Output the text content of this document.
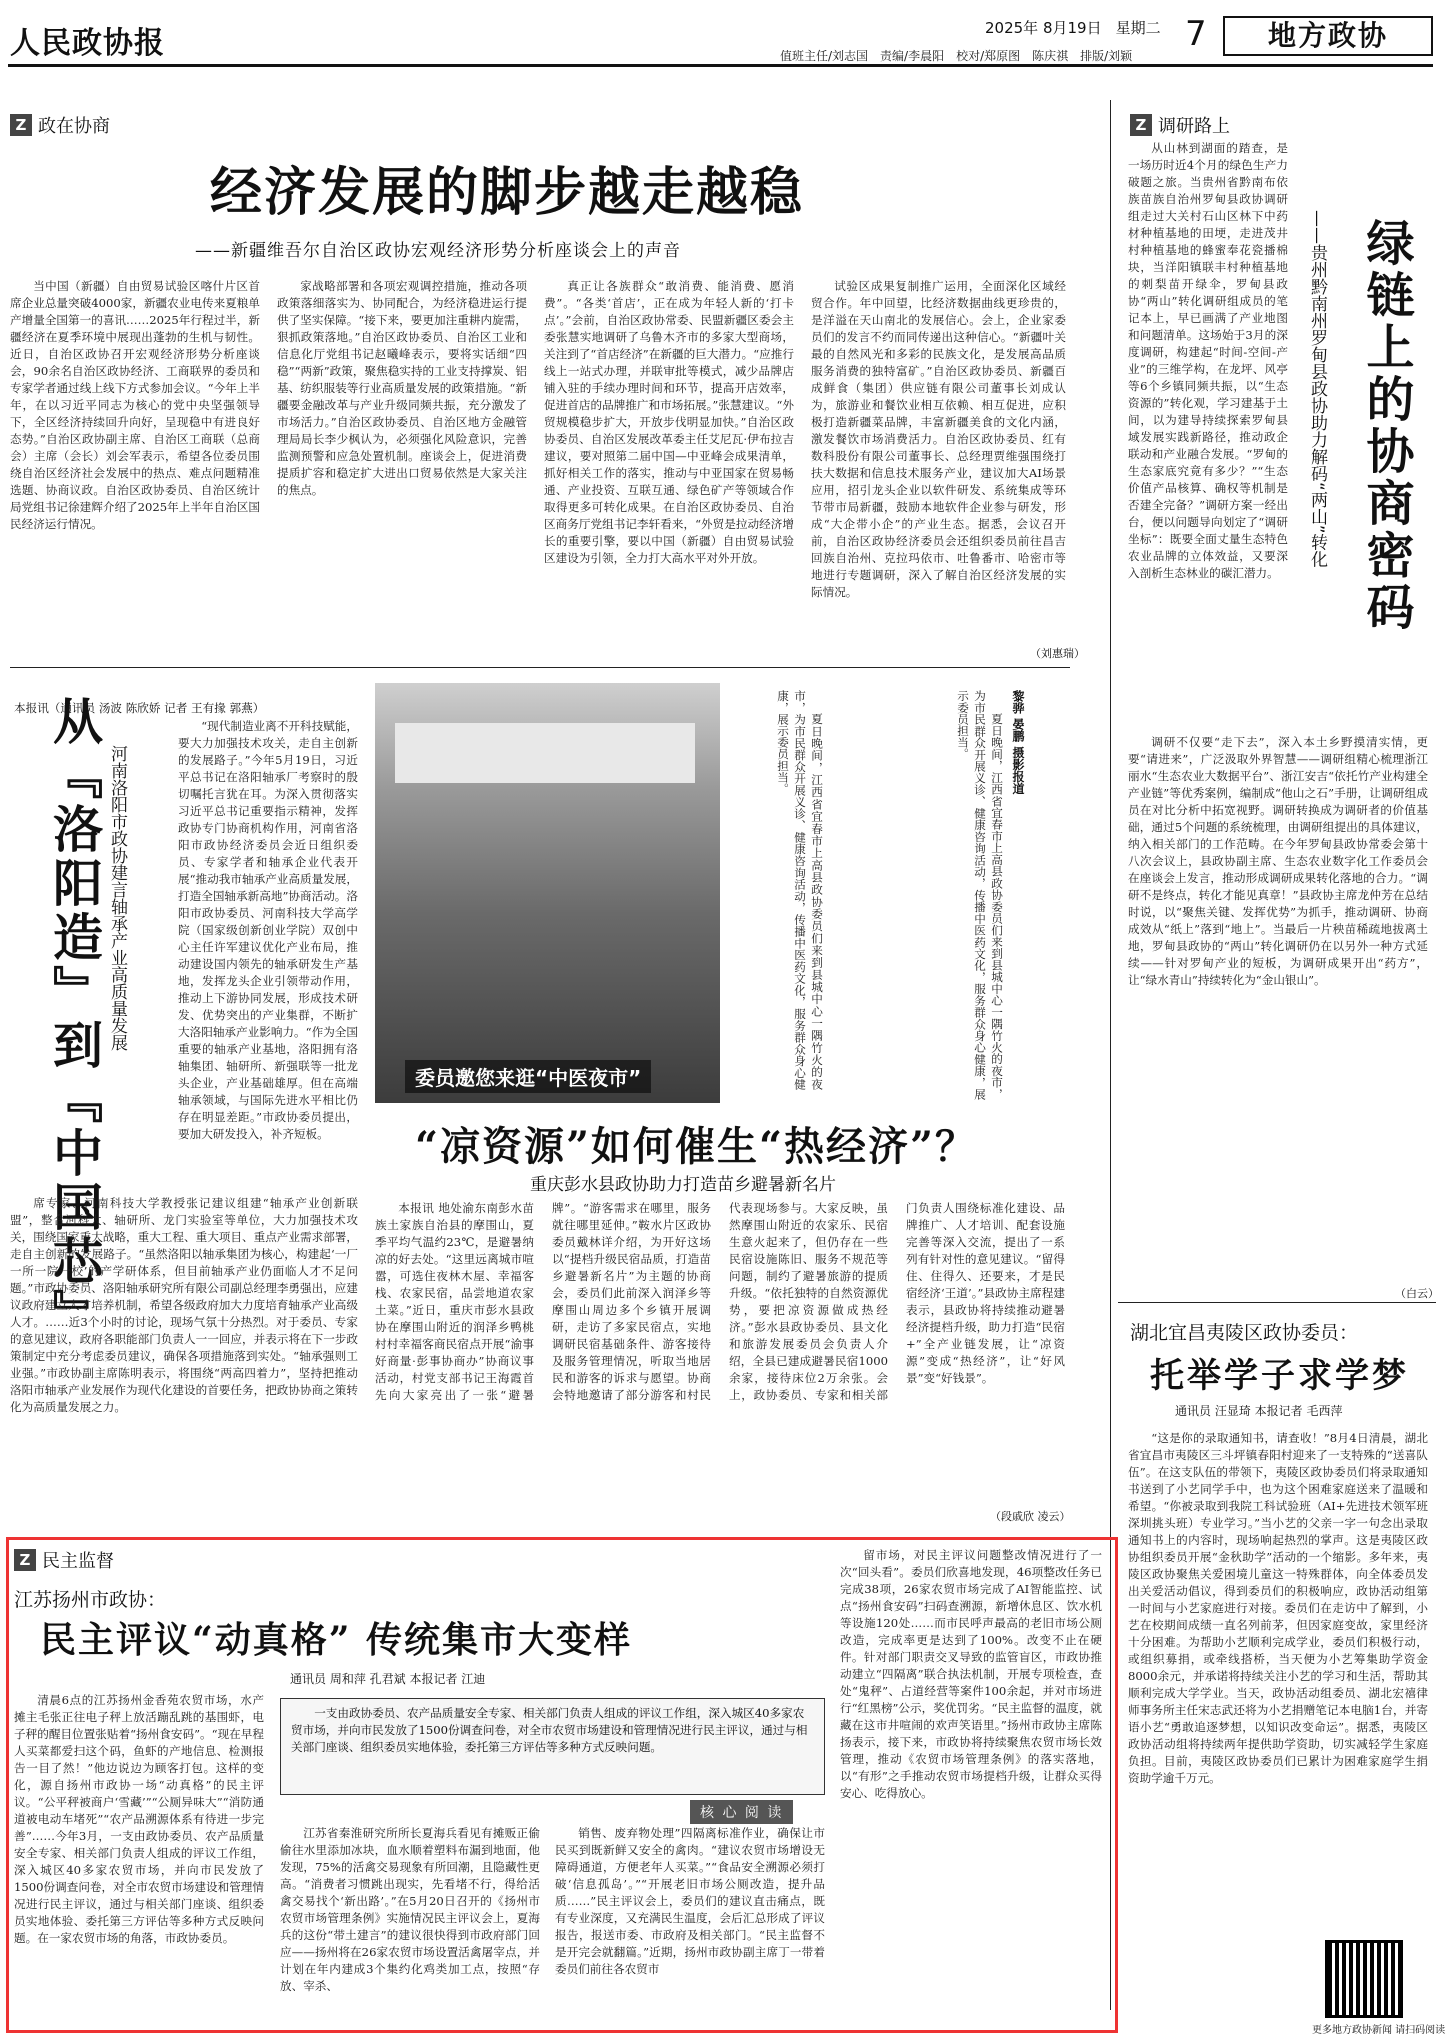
人民政协报	2025年 8月19日 星期二
值班主任/刘志国　责编/李晨阳　校对/郑原图　陈庆祺　排版/刘颖
7	地方政协
Z 政在协商
经济发展的脚步越走越稳
——新疆维吾尔自治区政协宏观经济形势分析座谈会上的声音

当中国（新疆）自由贸易试验区喀什片区首席企业总量突破4000家，新疆农业电传来夏粮单产增量全国第一的喜讯……2025年行程过半，新疆经济在夏季环境中展现出蓬勃的生机与韧性。近日，自治区政协召开宏观经济形势分析座谈会，90余名自治区政协经济、工商联界的委员和专家学者通过线上线下方式参加会议。“今年上半年，在以习近平同志为核心的党中央坚强领导下，全区经济持续回升向好，呈现稳中有进良好态势。”自治区政协副主席、自治区工商联（总商会）主席（会长）刘会军表示，希望各位委员围绕自治区经济社会发展中的热点、难点问题精准选题、协商议政。自治区政协委员、自治区统计局党组书记徐建辉介绍了2025年上半年自治区国民经济运行情况。

家战略部署和各项宏观调控措施，推动各项政策落细落实为、协同配合，为经济稳进运行提供了坚实保障。“接下来，要更加注重耕内旋需，狠抓政策落地。”自治区政协委员、自治区工业和信息化厅党组书记赵曦峰表示，要将实话细“四稳”“两新”政策，聚焦稳实持的工业支持撑炭、铝基、纺织服装等行业高质量发展的政策措施。“新疆要金融改革与产业升级同频共振，充分激发了市场活力。”自治区政协委员、自治区地方金融管理局局长李少枫认为，必须强化风险意识，完善监测预警和应急处置机制。座谈会上，促进消费提质扩容和稳定扩大进出口贸易依然是大家关注的焦点。

真正让各族群众“敢消费、能消费、愿消费”。“各类‘首店’，正在成为年轻人新的‘打卡点’。”会前，自治区政协常委、民盟新疆区委会主委张慧实地调研了乌鲁木齐市的多家大型商场，关注到了“首店经济”在新疆的巨大潜力。“应推行线上一站式办理，并联审批等模式，减少品牌店铺入驻的手续办理时间和环节，提高开店效率，促进首店的品牌推广和市场拓展。”张慧建议。“外贸规模稳步扩大，开放步伐明显加快。”自治区政协委员、自治区发展改革委主任艾尼瓦·伊布拉吉建议，要对照第二届中国—中亚峰会成果清单，抓好相关工作的落实，推动与中亚国家在贸易畅通、产业投资、互联互通、绿色矿产等领域合作取得更多可转化成果。在自治区政协委员、自治区商务厅党组书记李轩看来，“外贸是拉动经济增长的重要引擎，要以中国（新疆）自由贸易试验区建设为引领，全力打大高水平对外开放。

试验区成果复制推广运用，全面深化区域经贸合作。年中回望，比经济数据曲线更珍贵的，是洋溢在天山南北的发展信心。会上，企业家委员们的发言不约而同传递出这种信心。“新疆叶关最的自然风光和多彩的民族文化，是发展高品质服务消费的独特富矿。”自治区政协委员、新疆百成鲜食（集团）供应链有限公司董事长刘成认为，旅游业和餐饮业相互依赖、相互促进，应积极打造新疆菜品牌，丰富新疆美食的文化内涵，激发餐饮市场消费活力。自治区政协委员、红有数科股份有限公司董事长、总经理贾维强围绕打扶大数据和信息技术服务产业，建议加大AI场景应用，招引龙头企业以软件研发、系统集成等环节带市局新疆，鼓励本地软件企业参与研发，形成“大企带小企”的产业生态。据悉，会议召开前，自治区政协经济委员会还组织委员前往昌吉回族自治州、克拉玛依市、吐鲁番市、哈密市等地进行专题调研，深入了解自治区经济发展的实际情况。

（刘惠瑞）
Z 调研路上
绿链上的协商密码
——贵州黔南州罗甸县政协助力解码“两山”转化

从山林到湖面的踏查，是一场历时近4个月的绿色生产力破题之旅。当贵州省黔南布依族苗族自治州罗甸县政协调研组走过大关村石山区林下中药材种植基地的田埂，走进茂井村种植基地的蜂蜜奉花瓷播棉块，当洋阳镇联丰村种植基地的刺梨苗开绿伞，罗甸县政协“两山”转化调研组成员的笔记本上，早已画满了产业地图和问题清单。这场始于3月的深度调研，构建起“时间-空间-产业”的三维学构，在龙坪、风亭等6个乡镇同频共振，以“生态资源的”转化观，学习建基于土间，以为建导持续探索罗甸县域发展实践新路径，推动政企联动和产业融合发展。“罗甸的生态家底究竟有多少？”“生态价值产品核算、确权等机制是否建全完备？”调研方案一经出台，便以问题导向划定了“调研坐标”：既要全面丈量生态特色农业品牌的立体效益，又要深入剖析生态林业的碳汇潜力。

调研不仅要“走下去”，深入本土乡野摸清实情，更要“请进来”，广泛汲取外界智慧——调研组精心梳理浙江丽水“生态农业大数据平台”、浙江安吉“依托竹产业构建全产业链”等优秀案例，编制成“他山之石”手册，让调研组成员在对比分析中拓宽视野。调研转换成为调研者的价值基础，通过5个问题的系统梳理，由调研组提出的具体建议，纳入相关部门的工作范畴。在今年罗甸县政协常委会第十八次会议上，县政协副主席、生态农业数字化工作委员会在座谈会上发言，推动形成调研成果转化落地的合力。“调研不是终点，转化才能见真章！”县政协主席龙仲芳在总结时说，以“聚焦关键、发挥优势”为抓手，推动调研、协商成效从“纸上”落到“地上”。当最后一片秧苗稀疏地拔离土地，罗甸县政协的“两山”转化调研仍在以另外一种方式延续——针对罗甸产业的短板，为调研成果开出“药方”，让“绿水青山”持续转化为“金山银山”。

（白云）
湖北宜昌夷陵区政协委员：
托举学子求学梦
通讯员 汪显琦 本报记者 毛西萍

“这是你的录取通知书，请查收！”8月4日清晨，湖北省宜昌市夷陵区三斗坪镇春阳村迎来了一支特殊的“送喜队伍”。在这支队伍的带领下，夷陵区政协委员们将录取通知书送到了小艺同学手中，也为这个困难家庭送来了温暖和希望。“你被录取到我院工科试验班（AI+先进技术领军班深圳挑头班）专业学习。”当小艺的父亲一字一句念出录取通知书上的内容时，现场响起热烈的掌声。这是夷陵区政协组织委员开展“金秋助学”活动的一个缩影。多年来，夷陵区政协聚焦关爱困境儿童这一特殊群体，向全体委员发出关爱活动倡议，得到委员们的积极响应，政协活动组第一时间与小艺家庭进行对接。委员们在走访中了解到，小艺在校期间成绩一直名列前茅，但因家庭变故，家里经济十分困难。为帮助小艺顺利完成学业，委员们积极行动，或组织募捐，或牵线搭桥，当天便为小艺筹集助学资金8000余元，并承诺将持续关注小艺的学习和生活，帮助其顺利完成大学学业。当天，政协活动组委员、湖北宏禧律师事务所主任宋志武还将为小艺捐赠笔记本电脑1台，并寄语小艺“勇敢追逐梦想，以知识改变命运”。据悉，夷陵区政协活动组将持续两年提供助学资助，切实减轻学生家庭负担。目前，夷陵区政协委员们已累计为困难家庭学生捐资助学逾千万元。

更多地方政协新闻 请扫码阅读
本报讯（通讯员 汤波 陈欣娇 记者 王有掾 郭燕）
从『洛阳造』到『中国芯』 河南洛阳市政协建言轴承产业高质量发展

“现代制造业离不开科技赋能，要大力加强技术攻关，走自主创新的发展路子。”今年5月19日，习近平总书记在洛阳轴承厂考察时的殷切嘱托言犹在耳。为深入贯彻落实习近平总书记重要指示精神，发挥政协专门协商机构作用，河南省洛阳市政协经济委员会近日组织委员、专家学者和轴承企业代表开展“推动我市轴承产业高质量发展，打造全国轴承新高地”协商活动。洛阳市政协委员、河南科技大学高学院（国家级创新创业学院）双创中心主任许军建议优化产业布局，推动建设国内领先的轴承研发生产基地，发挥龙头企业引领带动作用，推动上下游协同发展，形成技术研发、优势突出的产业集群，不断扩大洛阳轴承产业影响力。“作为全国重要的轴承产业基地，洛阳拥有洛轴集团、轴研所、新强联等一批龙头企业，产业基础雄厚。但在高端轴承领域，与国际先进水平相比仍存在明显差距。”市政协委员提出，要加大研发投入，补齐短板。

席专家、河南科技大学教授张记建议组建“轴承产业创新联盟”，整合河科大、轴研所、龙门实验室等单位，大力加强技术攻关，围绕国家重大战略，重大工程、重大项目、重点产业需求部署，走自主创新的发展路子。“虽然洛阳以轴承集团为核心，构建起‘一厂一所一院一校’的产学研体系，但目前轴承产业仍面临人才不足问题。”市政协委员、洛阳轴承研究所有限公司副总经理李勇强出，应建议政府建立人才培养机制，希望各级政府加大力度培育轴承产业高级人才。……近3个小时的讨论，现场气氛十分热烈。对于委员、专家的意见建议，政府各职能部门负责人一一回应，并表示将在下一步政策制定中充分考虑委员建议，确保各项措施落到实处。“轴承强则工业强。”市政协副主席陈明表示，将围绕“两高四着力”，坚持把推动洛阳市轴承产业发展作为现代化建设的首要任务，把政协协商之策转化为高质量发展之力。

委员邀您来逛“中医夜市”	夏日晚间，江西省宜春市上高县政协委员们来到县城中心一隅竹火的夜市，为市民群众开展义诊、健康咨询活动，传播中医药文化，服务群众身心健康，展示委员担当。	黎骅 晏鹏 摄影报道

夏日晚间，江西省宜春市上高县政协委员们来到县城中心一隅竹火的夜市，为市民群众开展义诊、健康咨询活动，传播中医药文化，服务群众身心健康，展示委员担当。

“凉资源”如何催生“热经济”？
重庆彭水县政协助力打造苗乡避暑新名片

本报讯 地处渝东南彭水苗族土家族自治县的摩围山，夏季平均气温约23℃，是避暑纳凉的好去处。“这里远离城市喧嚣，可选住夜林木屋、幸福客栈、农家民宿，品尝地道农家土菜。”近日，重庆市彭水县政协在摩围山附近的润泽乡鸭桃村村幸福客商民宿点开展“渝事好商量·彭事协商办”协商议事活动，村党支部书记王海霞首先向大家亮出了一张“避暑牌”。“游客需求在哪里，服务就往哪里延伸。”鞍水片区政协委员戴林详介绍，为开好这场以“提档升级民宿品质，打造苗乡避暑新名片”为主题的协商会，委员们此前深入润泽乡等摩围山周边多个乡镇开展调研，走访了多家民宿点，实地调研民宿基础条件、游客接待及服务管理情况，听取当地居民和游客的诉求与愿望。协商会特地邀请了部分游客和村民代表现场参与。大家反映，虽然摩围山附近的农家乐、民宿生意火起来了，但仍存在一些民宿设施陈旧、服务不规范等问题，制约了避暑旅游的提质升级。“依托独特的自然资源优势，要把凉资源做成热经济。”彭水县政协委员、县文化和旅游发展委员会负责人介绍，全县已建成避暑民宿1000余家，接待床位2万余张。会上，政协委员、专家和相关部门负责人围绕标准化建设、品牌推广、人才培训、配套设施完善等深入交流，提出了一系列有针对性的意见建议。“留得住、住得久、还要来，才是民宿经济‘王道’。”县政协主席程建表示，县政协将持续推动避暑经济提档升级，助力打造“民宿+”全产业链发展，让“凉资源”变成“热经济”，让“好风景”变“好钱景”。

（段戚欣 凌云）
Z 民主监督
江苏扬州市政协：
民主评议“动真格” 传统集市大变样
通讯员 周和萍 孔君斌 本报记者 江迪

清晨6点的江苏扬州金香苑农贸市场，水产摊主毛张正往电子秤上放活蹦乱跳的基围虾，电子秤的醒目位置张贴着“扬州食安码”。“现在早程人买菜都爱扫这个码，鱼虾的产地信息、检测报告一目了然！”他边说边为顾客打包。这样的变化，源自扬州市政协一场“动真格”的民主评议。“公平秤被商户‘雪藏’”“公厕异味大”“消防通道被电动车堵死”“农产品溯源体系有待进一步完善”……今年3月，一支由政协委员、农产品质量安全专家、相关部门负责人组成的评议工作组，深入城区40多家农贸市场，并向市民发放了1500份调查问卷，对全市农贸市场建设和管理情况进行民主评议，通过与相关部门座谈、组织委员实地体验、委托第三方评估等多种方式反映问题。在一家农贸市场的角落，市政协委员。

一支由政协委员、农产品质量安全专家、相关部门负责人组成的评议工作组，深入城区40多家农贸市场，并向市民发放了1500份调查问卷，对全市农贸市场建设和管理情况进行民主评议，通过与相关部门座谈、组织委员实地体验，委托第三方评估等多种方式反映问题。
核 心 阅 读

江苏省秦淮研究所所长夏海兵看见有摊贩正偷偷往水里添加冰块，血水顺着塑料布漏到地面，他发现，75%的活禽交易现象有所回潮，且隐藏性更高。“消费者习惯跳出现实，先看堵不行，得给活禽交易找个‘新出路’。”在5月20日召开的《扬州市农贸市场管理条例》实施情况民主评议会上，夏海兵的这份“带土建言”的建议很快得到市政府部门回应——扬州将在26家农贸市场设置活禽屠宰点，并计划在年内建成3个集约化鸡类加工点，按照“存放、宰杀、

销售、废弃物处理”四隔离标准作业，确保让市民买到既新鲜又安全的禽肉。“建议农贸市场增设无障碍通道，方便老年人买菜。”“食品安全溯源必须打破‘信息孤岛’。”“开展老旧市场公厕改造，提升品质……”民主评议会上，委员们的建议直击痛点，既有专业深度，又充满民生温度，会后汇总形成了评议报告，报送市委、市政府及相关部门。“民主监督不是开完会就翻篇。”近期，扬州市政协副主席丁一带着委员们前往各农贸市

留市场，对民主评议问题整改情况进行了一次“回头看”。委员们欣喜地发现，46项整改任务已完成38项，26家农贸市场完成了AI智能监控、试点“扬州食安码”扫码查溯源，新增休息区、饮水机等设施120处……而市民呼声最高的老旧市场公厕改造，完成率更是达到了100%。改变不止在硬件。针对部门职责交叉导致的监管盲区，市政协推动建立“四隔离”联合执法机制，开展专项检查，查处“鬼秤”、占道经营等案件100余起，并对市场进行“红黑榜”公示，奖优罚劣。“民主监督的温度，就藏在这市井喧闹的欢声笑语里。”扬州市政协主席陈扬表示，接下来，市政协将持续聚焦农贸市场长效管理，推动《农贸市场管理条例》的落实落地，以“有形”之手推动农贸市场提档升级，让群众买得安心、吃得放心。
